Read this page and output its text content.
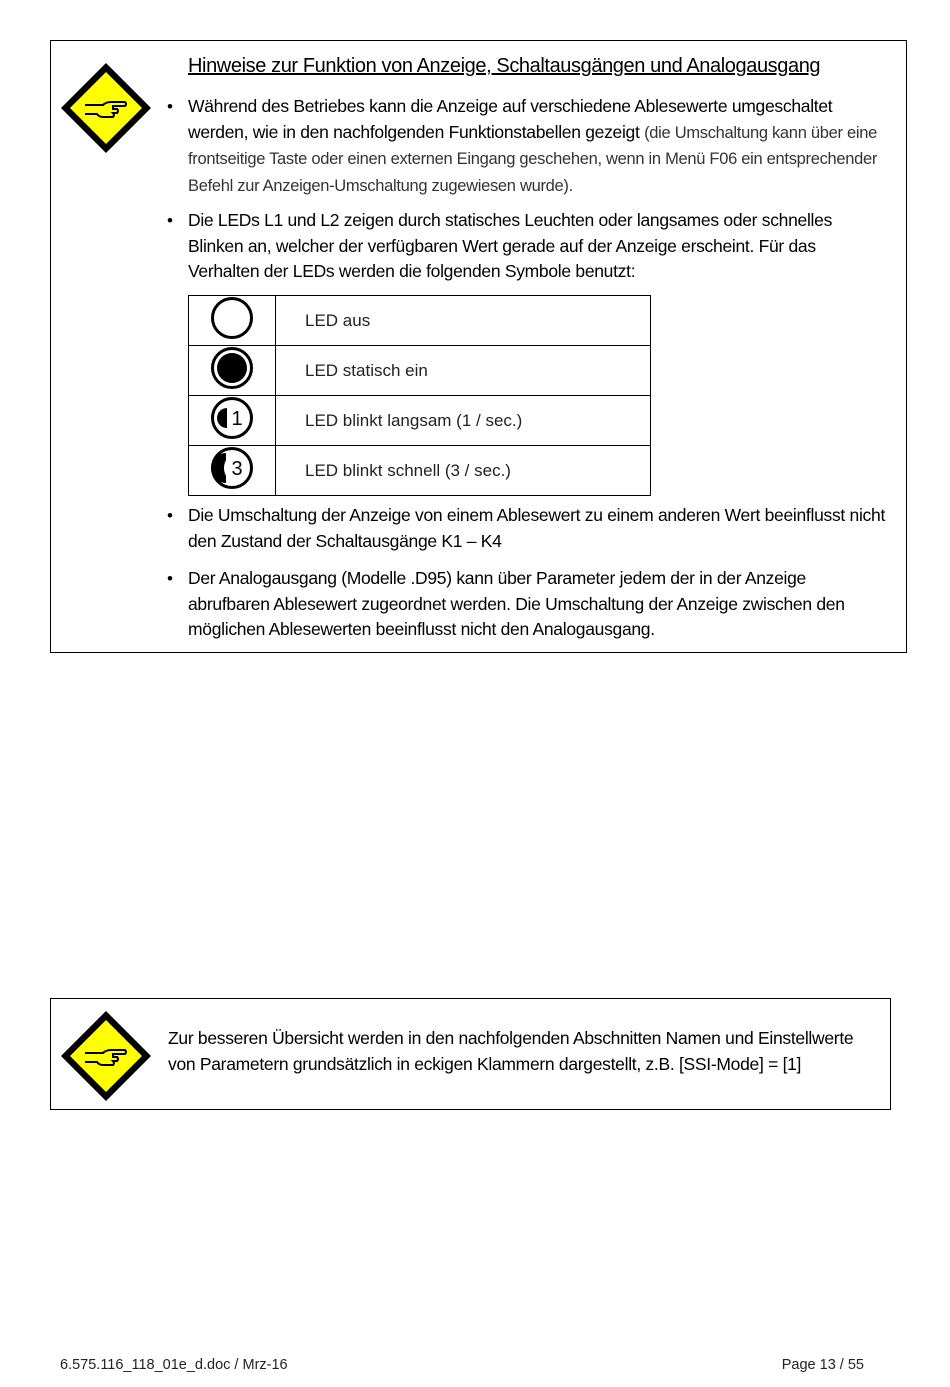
Hinweise zur Funktion von Anzeige, Schaltausgängen und Analogausgang
• Während des Betriebes kann die Anzeige auf verschiedene Ablesewerte umgeschaltet werden, wie in den nachfolgenden Funktionstabellen gezeigt (die Umschaltung kann über eine frontseitige Taste oder einen externen Eingang geschehen, wenn in Menü F06 ein entsprechender Befehl zur Anzeigen-Umschaltung zugewiesen wurde).
• Die LEDs L1 und L2 zeigen durch statisches Leuchten oder langsames oder schnelles Blinken an, welcher der verfügbaren Wert gerade auf der Anzeige erscheint. Für das Verhalten der LEDs werden die folgenden Symbole benutzt:
	LED aus
	LED statisch ein

1	LED blinkt langsam (1 / sec.)

3	LED blinkt schnell (3 / sec.)
• Die Umschaltung der Anzeige von einem Ablesewert zu einem anderen Wert beeinflusst nicht den Zustand der Schaltausgänge K1 – K4
• Der Analogausgang (Modelle .D95) kann über Parameter jedem der in der Anzeige abrufbaren Ablesewert zugeordnet werden. Die Umschaltung der Anzeige zwischen den möglichen Ablesewerten beeinflusst nicht den Analogausgang.
Zur besseren Übersicht werden in den nachfolgenden Abschnitten Namen und Einstellwerte von Parametern grundsätzlich in eckigen Klammern dargestellt, z.B. [SSI-Mode] = [1]
6.575.116_118_01e_d.doc / Mrz-16	Page 13 / 55
